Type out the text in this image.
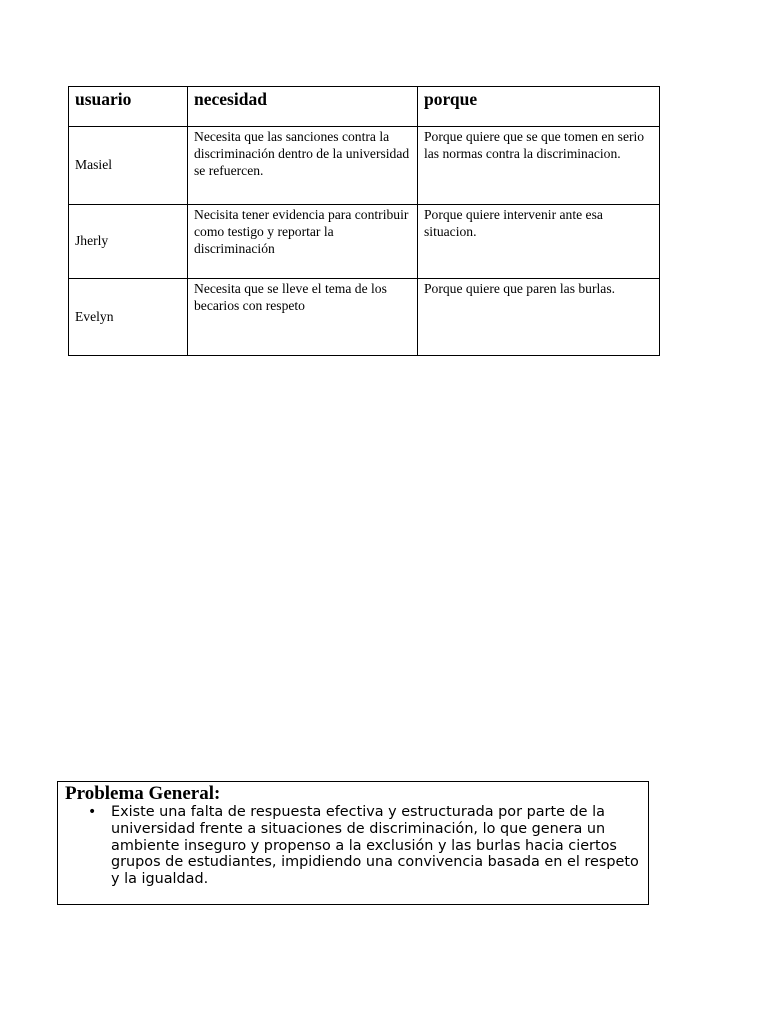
usuario	necesidad	porque
Masiel	Necesita que las sanciones contra la discriminación dentro de la universidad se refuercen.	Porque quiere que se que tomen en serio las normas contra la discriminacion.
Jherly	Necisita tener evidencia para contribuir como testigo y reportar la discriminación	Porque quiere intervenir ante esa situacion.
Evelyn	Necesita que se lleve el tema de los becarios con respeto	Porque quiere que paren las burlas.
Problema General:
• Existe una falta de respuesta efectiva y estructurada por parte de la universidad frente a situaciones de discriminación, lo que genera un ambiente inseguro y propenso a la exclusión y las burlas hacia ciertos grupos de estudiantes, impidiendo una convivencia basada en el respeto y la igualdad.
